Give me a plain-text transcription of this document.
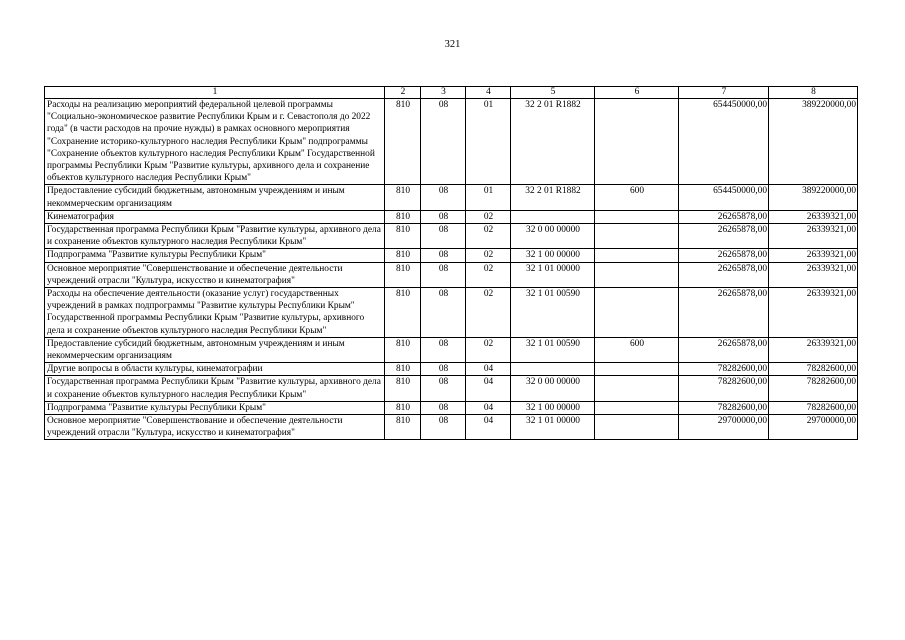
321
1	2	3	4	5	6	7	8
Расходы на реализацию мероприятий федеральной целевой программы "Социально-экономическое развитие Республики Крым и г. Севастополя до 2022 года" (в части расходов на прочие нужды) в рамках основного мероприятия "Сохранение историко-культурного наследия Республики Крым" подпрограммы "Сохранение объектов культурного наследия Республики Крым" Государственной программы Республики Крым "Развитие культуры, архивного дела и сохранение объектов культурного наследия Республики Крым"	810	08	01	32 2 01 R1882		654450000,00	389220000,00
Предоставление субсидий бюджетным, автономным учреждениям и иным некоммерческим организациям	810	08	01	32 2 01 R1882	600	654450000,00	389220000,00
Кинематография	810	08	02			26265878,00	26339321,00
Государственная программа Республики Крым "Развитие культуры, архивного дела и сохранение объектов культурного наследия Республики Крым"	810	08	02	32 0 00 00000		26265878,00	26339321,00
Подпрограмма "Развитие культуры Республики Крым"	810	08	02	32 1 00 00000		26265878,00	26339321,00
Основное мероприятие "Совершенствование и обеспечение деятельности учреждений отрасли "Культура, искусство и кинематография"	810	08	02	32 1 01 00000		26265878,00	26339321,00
Расходы на обеспечение деятельности (оказание услуг) государственных учреждений в рамках подпрограммы "Развитие культуры Республики Крым" Государственной программы Республики Крым "Развитие культуры, архивного дела и сохранение объектов культурного наследия Республики Крым"	810	08	02	32 1 01 00590		26265878,00	26339321,00
Предоставление субсидий бюджетным, автономным учреждениям и иным некоммерческим организациям	810	08	02	32 1 01 00590	600	26265878,00	26339321,00
Другие вопросы в области культуры, кинематографии	810	08	04			78282600,00	78282600,00
Государственная программа Республики Крым "Развитие культуры, архивного дела и сохранение объектов культурного наследия Республики Крым"	810	08	04	32 0 00 00000		78282600,00	78282600,00
Подпрограмма "Развитие культуры Республики Крым"	810	08	04	32 1 00 00000		78282600,00	78282600,00
Основное мероприятие "Совершенствование и обеспечение деятельности учреждений отрасли "Культура, искусство и кинематография"	810	08	04	32 1 01 00000		29700000,00	29700000,00
